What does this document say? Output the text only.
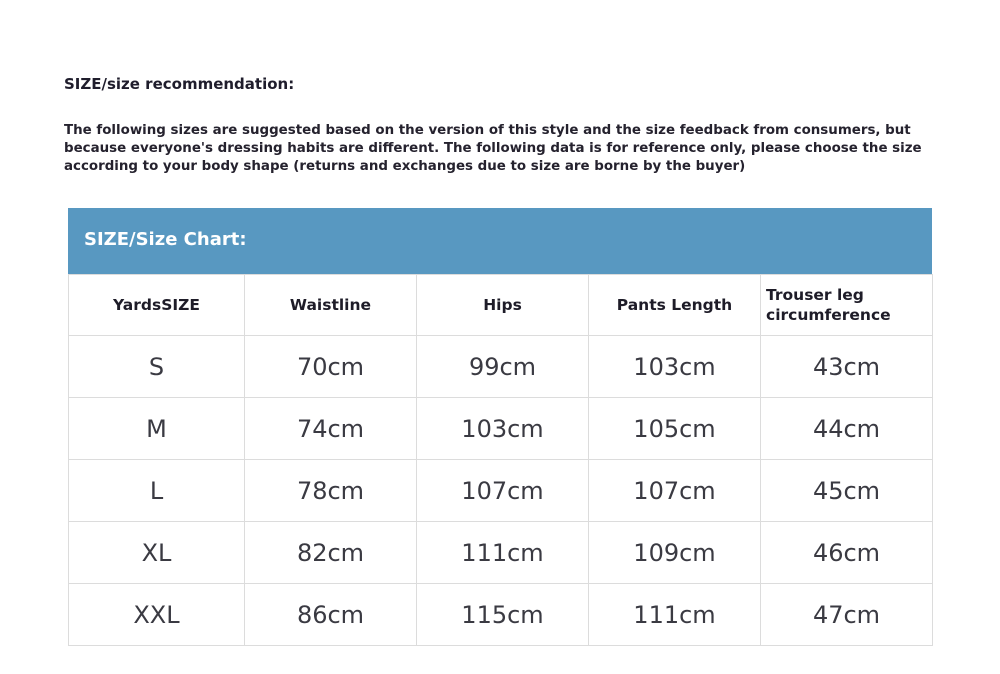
SIZE/size recommendation:
The following sizes are suggested based on the version of this style and the size feedback from consumers, but
because everyone's dressing habits are different. The following data is for reference only, please choose the size
according to your body shape (returns and exchanges due to size are borne by the buyer)
SIZE/Size Chart:
YardsSIZE	Waistline	Hips	Pants Length	Trouser leg circumference
S	70cm	99cm	103cm	43cm
M	74cm	103cm	105cm	44cm
L	78cm	107cm	107cm	45cm
XL	82cm	111cm	109cm	46cm
XXL	86cm	115cm	111cm	47cm
